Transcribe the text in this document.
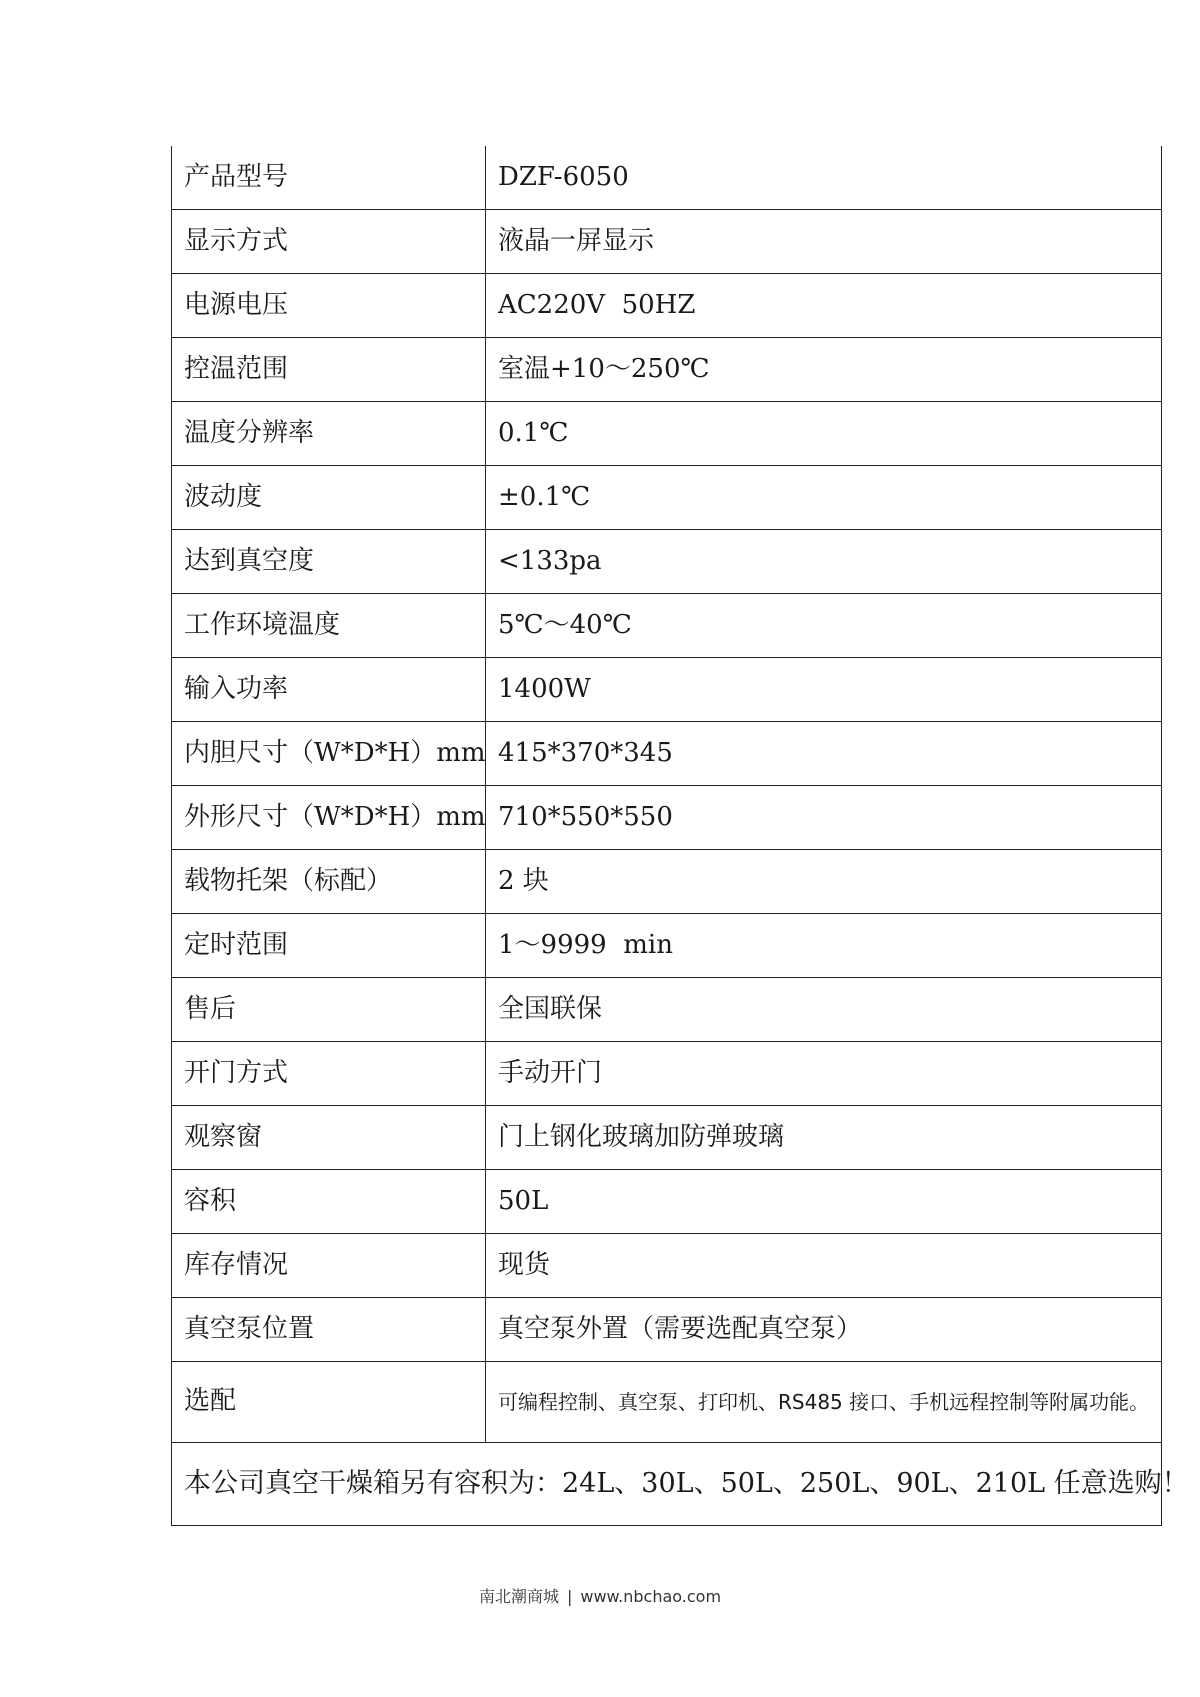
产品型号	DZF-6050
显示方式	液晶一屏显示
电源电压	AC220V  50HZ
控温范围	室温+10～250℃
温度分辨率	0.1℃
波动度	±0.1℃
达到真空度	<133pa
工作环境温度	5℃～40℃
输入功率	1400W
内胆尺寸（W*D*H）mm	415*370*345
外形尺寸（W*D*H）mm	710*550*550
载物托架（标配）	2 块
定时范围	1～9999  min
售后	全国联保
开门方式	手动开门
观察窗	门上钢化玻璃加防弹玻璃
容积	50L
库存情况	现货
真空泵位置	真空泵外置（需要选配真空泵）
选配	可编程控制、真空泵、打印机、RS485 接口、手机远程控制等附属功能。
本公司真空干燥箱另有容积为：24L、30L、50L、250L、90L、210L 任意选购！	
南北潮商城 | www.nbchao.com
